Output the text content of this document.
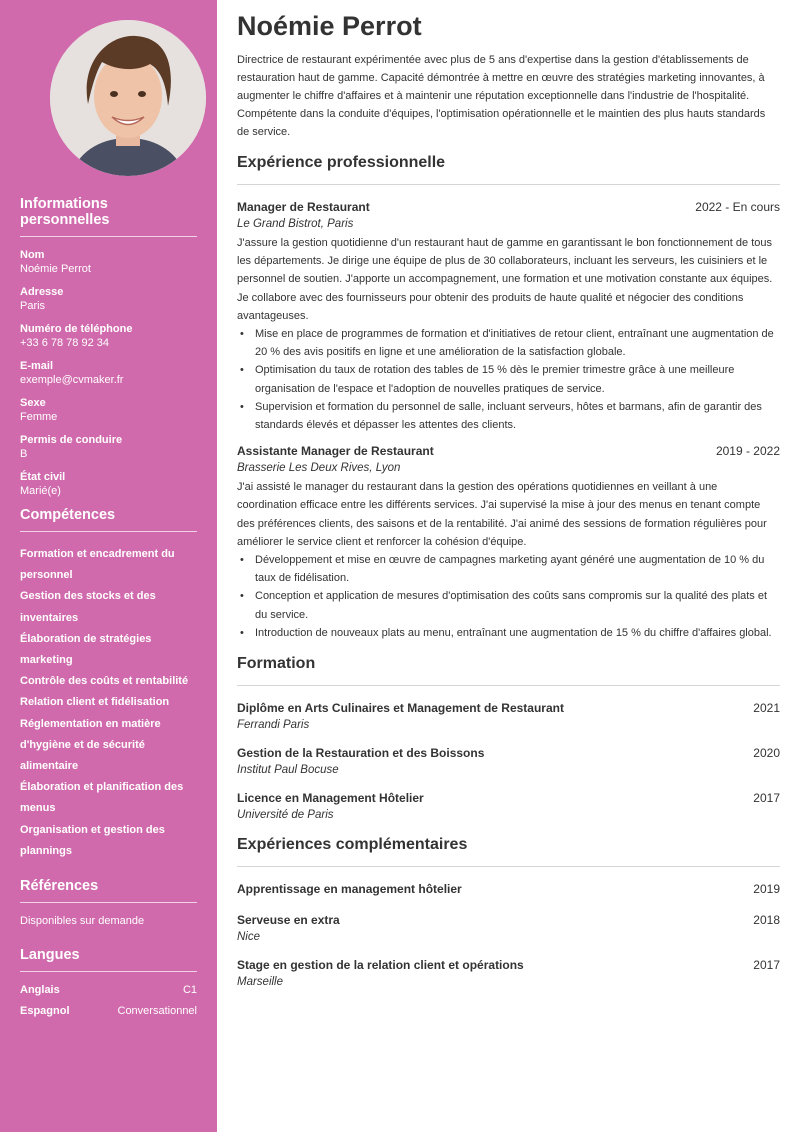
Informations personnelles
Nom
Noémie Perrot
Adresse
Paris
Numéro de téléphone
+33 6 78 78 92 34
E-mail
exemple@cvmaker.fr
Sexe
Femme
Permis de conduire
B
État civil
Marié(e)
Compétences
Formation et encadrement du personnel
Gestion des stocks et des inventaires
Élaboration de stratégies marketing
Contrôle des coûts et rentabilité
Relation client et fidélisation
Réglementation en matière d'hygiène et de sécurité alimentaire
Élaboration et planification des menus
Organisation et gestion des plannings
Références
Disponibles sur demande
Langues
Anglais	C1
Espagnol	Conversationnel
Noémie Perrot
Directrice de restaurant expérimentée avec plus de 5 ans d'expertise dans la gestion d'établissements de restauration haut de gamme. Capacité démontrée à mettre en œuvre des stratégies marketing innovantes, à augmenter le chiffre d'affaires et à maintenir une réputation exceptionnelle dans l'industrie de l'hospitalité. Compétente dans la conduite d'équipes, l'optimisation opérationnelle et le maintien des plus hauts standards de service.
Expérience professionnelle
Manager de Restaurant	2022 - En cours
Le Grand Bistrot, Paris
J'assure la gestion quotidienne d'un restaurant haut de gamme en garantissant le bon fonctionnement de tous les départements. Je dirige une équipe de plus de 30 collaborateurs, incluant les serveurs, les cuisiniers et le personnel de soutien. J'apporte un accompagnement, une formation et une motivation constante aux équipes. Je collabore avec des fournisseurs pour obtenir des produits de haute qualité et négocier des conditions avantageuses.
• Mise en place de programmes de formation et d'initiatives de retour client, entraînant une augmentation de 20 % des avis positifs en ligne et une amélioration de la satisfaction globale.
• Optimisation du taux de rotation des tables de 15 % dès le premier trimestre grâce à une meilleure organisation de l'espace et l'adoption de nouvelles pratiques de service.
• Supervision et formation du personnel de salle, incluant serveurs, hôtes et barmans, afin de garantir des standards élevés et dépasser les attentes des clients.
Assistante Manager de Restaurant	2019 - 2022
Brasserie Les Deux Rives, Lyon
J'ai assisté le manager du restaurant dans la gestion des opérations quotidiennes en veillant à une coordination efficace entre les différents services. J'ai supervisé la mise à jour des menus en tenant compte des préférences clients, des saisons et de la rentabilité. J'ai animé des sessions de formation régulières pour améliorer le service client et renforcer la cohésion d'équipe.
• Développement et mise en œuvre de campagnes marketing ayant généré une augmentation de 10 % du taux de fidélisation.
• Conception et application de mesures d'optimisation des coûts sans compromis sur la qualité des plats et du service.
• Introduction de nouveaux plats au menu, entraînant une augmentation de 15 % du chiffre d'affaires global.
Formation
Diplôme en Arts Culinaires et Management de Restaurant	2021
Ferrandi Paris
Gestion de la Restauration et des Boissons	2020
Institut Paul Bocuse
Licence en Management Hôtelier	2017
Université de Paris
Expériences complémentaires
Apprentissage en management hôtelier	2019
Serveuse en extra	2018
Nice
Stage en gestion de la relation client et opérations	2017
Marseille
